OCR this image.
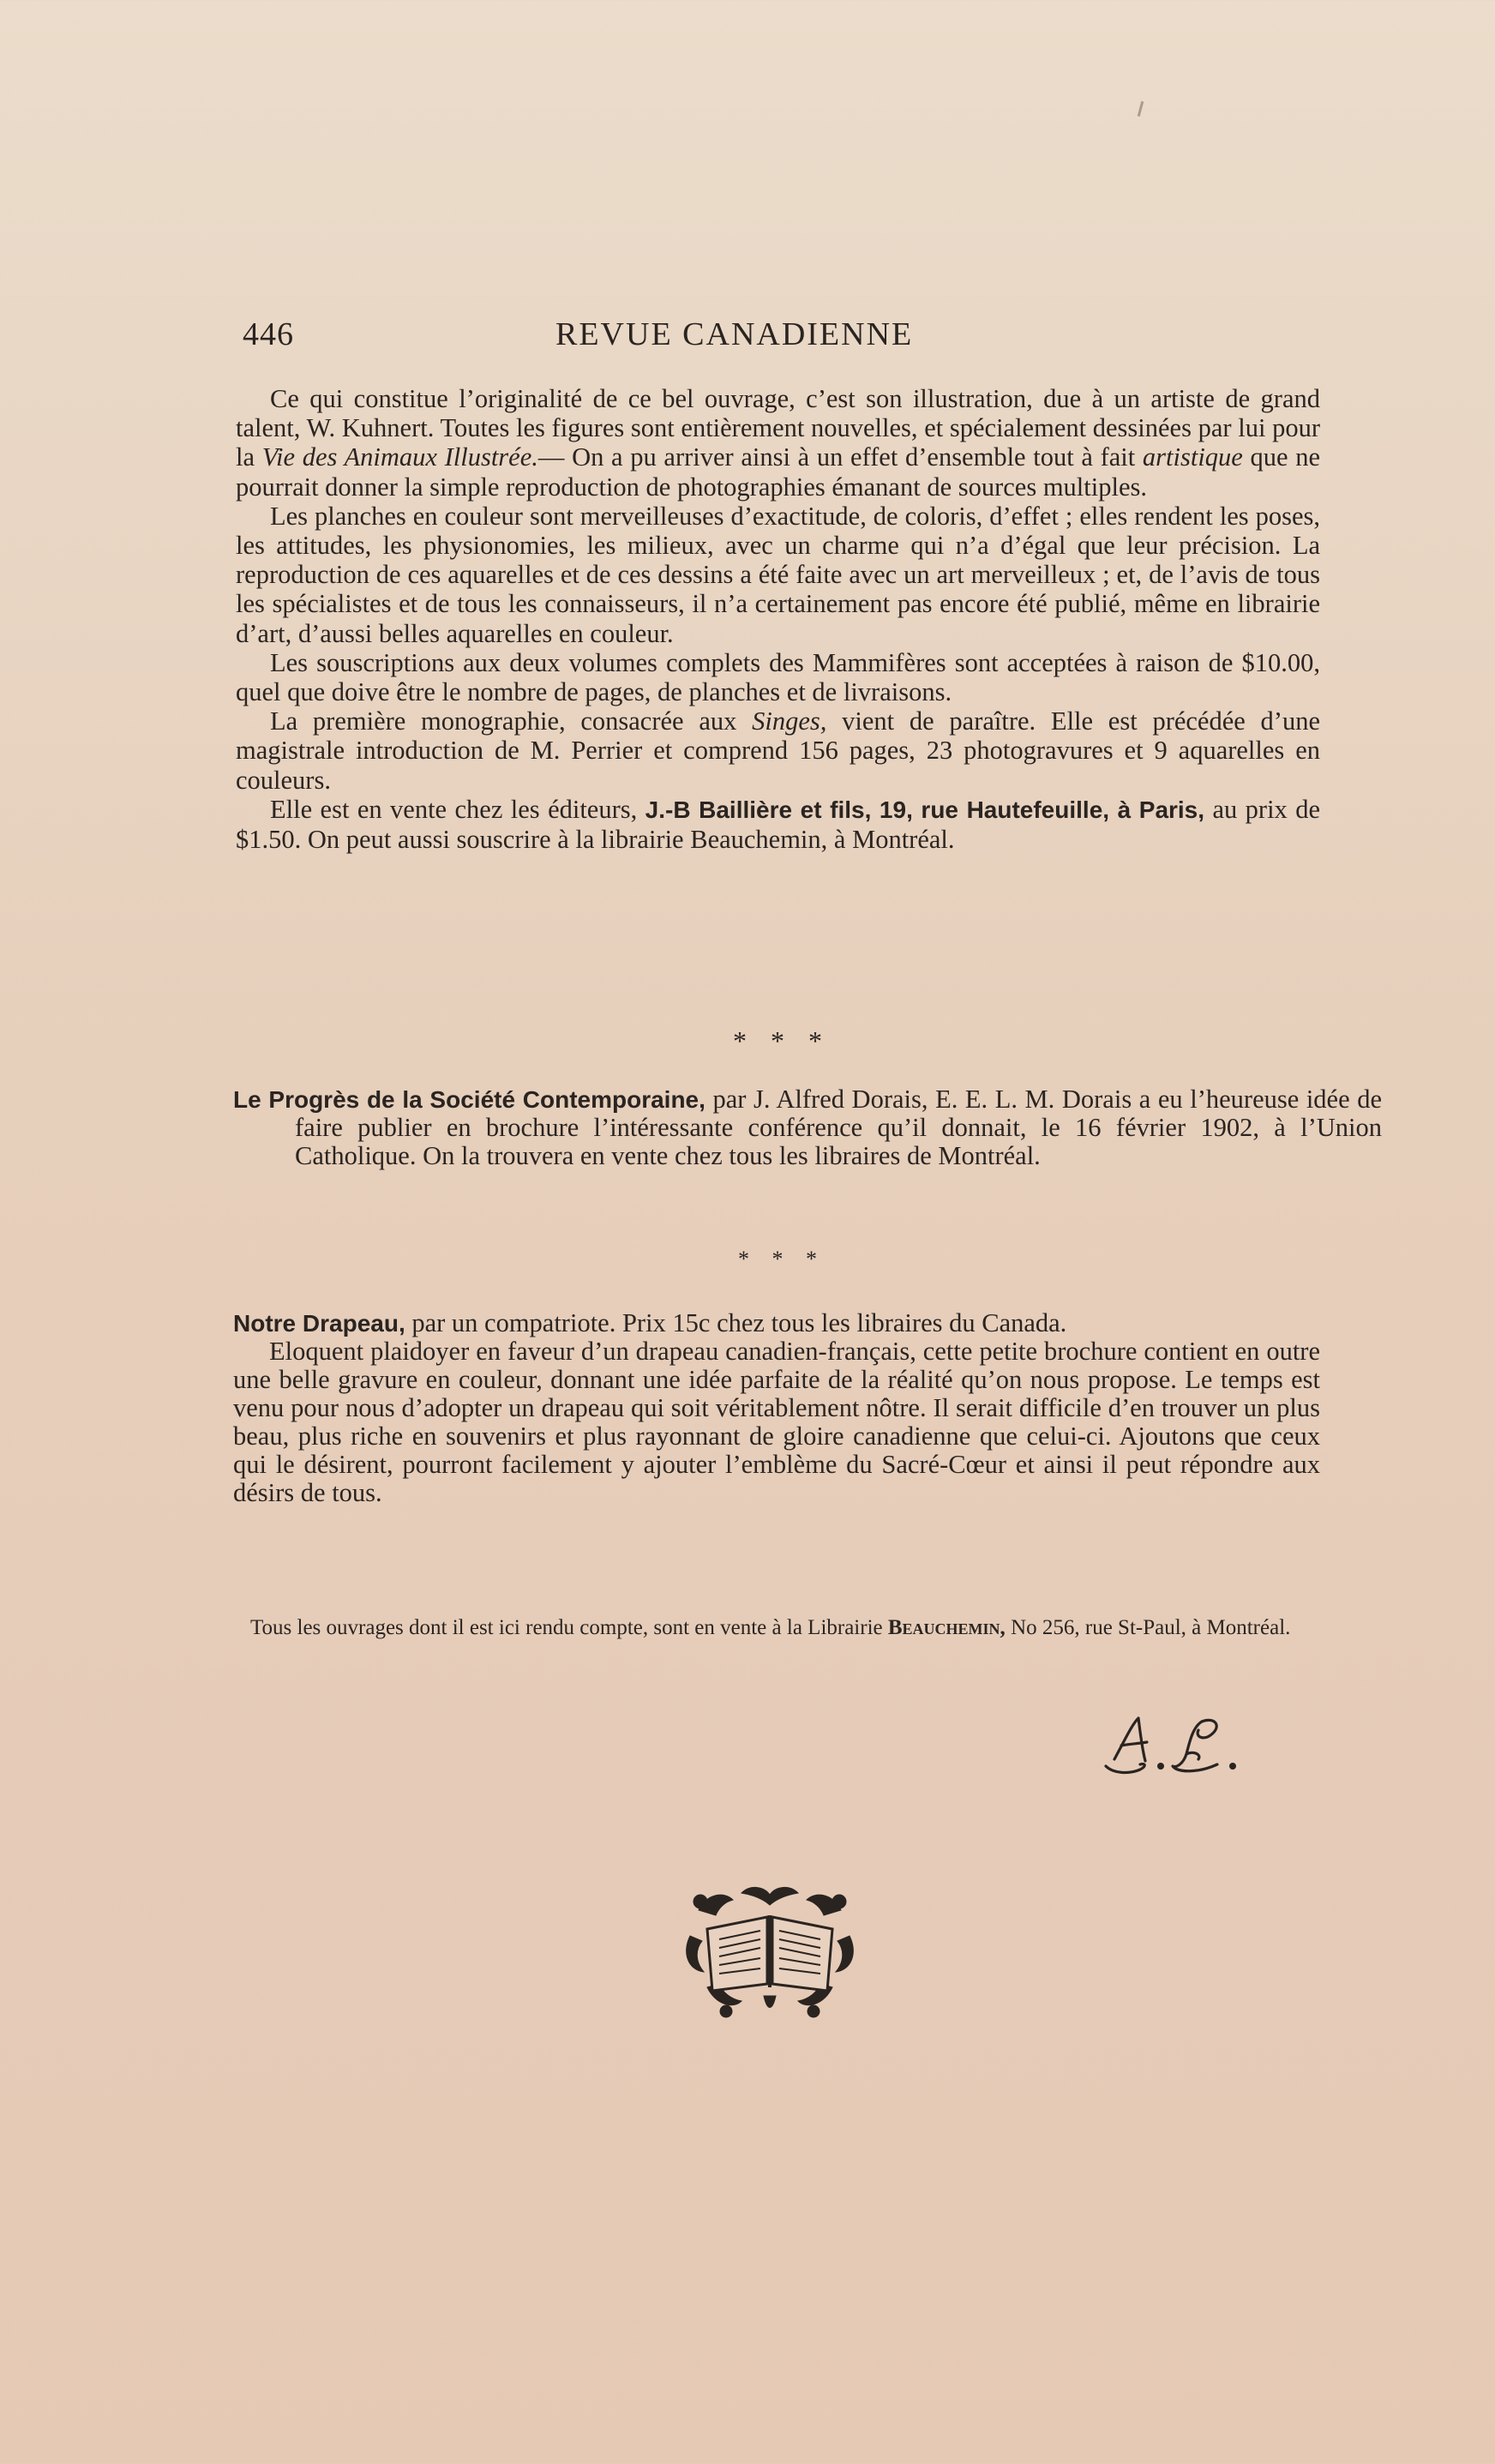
446	REVUE CANADIENNE

Ce qui constitue l’originalité de ce bel ouvrage, c’est son illustration, due à un artiste de grand talent, W. Kuhnert. Toutes les figures sont entièrement nouvelles, et spécialement dessinées par lui pour la Vie des Animaux Illustrée.— On a pu arriver ainsi à un effet d’ensemble tout à fait artistique que ne pourrait donner la simple reproduction de photographies émanant de sources multiples.

Les planches en couleur sont merveilleuses d’exactitude, de coloris, d’effet ; elles rendent les poses, les attitudes, les physionomies, les milieux, avec un charme qui n’a d’égal que leur précision. La reproduction de ces aquarelles et de ces dessins a été faite avec un art merveilleux ; et, de l’avis de tous les spécialistes et de tous les connaisseurs, il n’a certainement pas encore été publié, même en librairie d’art, d’aussi belles aquarelles en couleur.

Les souscriptions aux deux volumes complets des Mammifères sont acceptées à raison de $10.00, quel que doive être le nombre de pages, de planches et de livraisons.

La première monographie, consacrée aux Singes, vient de paraître. Elle est précédée d’une magistrale introduction de M. Perrier et comprend 156 pages, 23 photogravures et 9 aquarelles en couleurs.

Elle est en vente chez les éditeurs, J.-B Baillière et fils, 19, rue Hautefeuille, à Paris, au prix de $1.50. On peut aussi souscrire à la librairie Beauchemin, à Montréal.

* * *
Le Progrès de la Société Contemporaine, par J. Alfred Dorais, E. E. L. M. Dorais a eu l’heureuse idée de faire publier en brochure l’intéressante conférence qu’il donnait, le 16 février 1902, à l’Union Catholique. On la trouvera en vente chez tous les libraires de Montréal.
* * *
Notre Drapeau, par un compatriote. Prix 15c chez tous les libraires du Canada.

Eloquent plaidoyer en faveur d’un drapeau canadien-français, cette petite brochure contient en outre une belle gravure en couleur, donnant une idée parfaite de la réalité qu’on nous propose. Le temps est venu pour nous d’adopter un drapeau qui soit véritablement nôtre. Il serait difficile d’en trouver un plus beau, plus riche en souvenirs et plus rayonnant de gloire canadienne que celui-ci. Ajoutons que ceux qui le désirent, pourront facilement y ajouter l’emblème du Sacré-Cœur et ainsi il peut répondre aux désirs de tous.

Tous les ouvrages dont il est ici rendu compte, sont en vente à la Librairie Beauchemin, No 256, rue St-Paul, à Montréal.
